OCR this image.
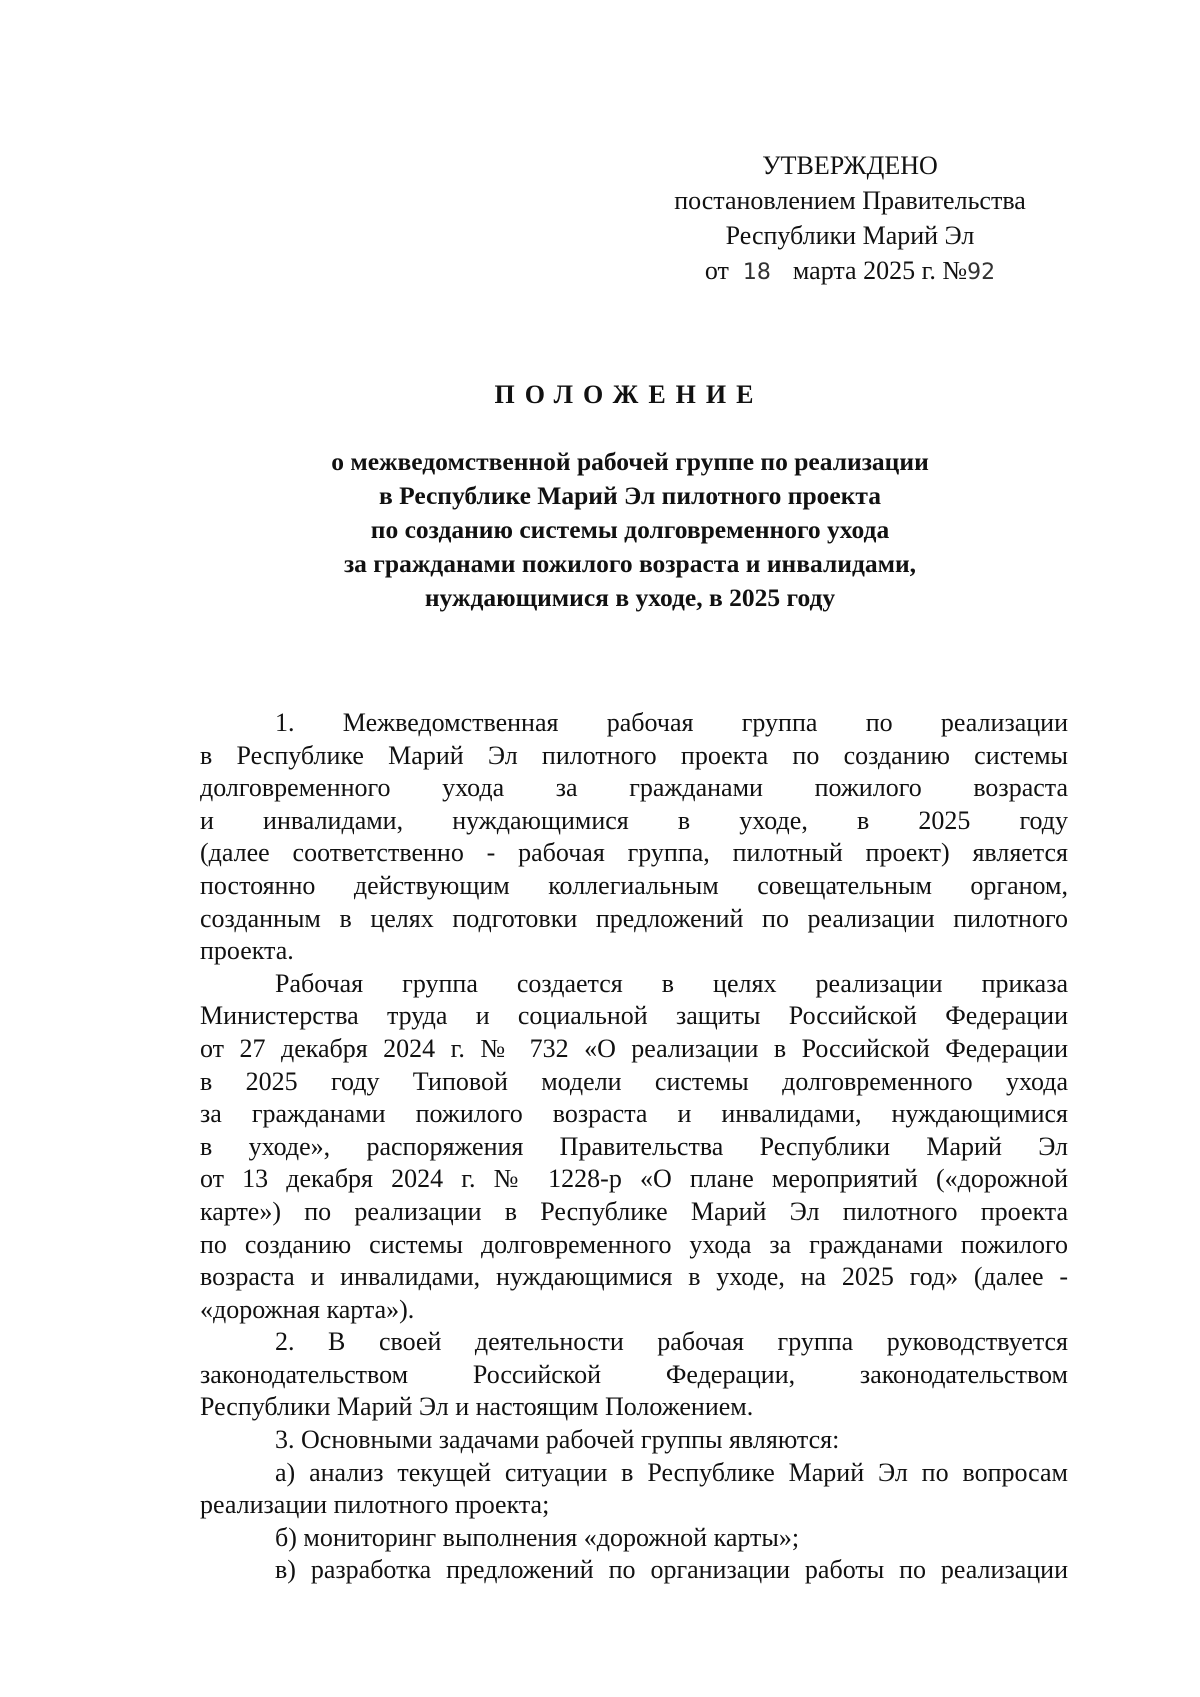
УТВЕРЖДЕНО
постановлением Правительства
Республики Марий Эл
от 18 марта 2025 г. №92
ПОЛОЖЕНИЕ
о межведомственной рабочей группе по реализации
в Республике Марий Эл пилотного проекта
по созданию системы долговременного ухода
за гражданами пожилого возраста и инвалидами,
нуждающимися в уходе, в 2025 году
1. Межведомственная рабочая группа по реализации
в Республике Марий Эл пилотного проекта по созданию системы
долговременного ухода за гражданами пожилого возраста
и инвалидами, нуждающимися в уходе, в 2025 году
(далее соответственно - рабочая группа, пилотный проект) является
постоянно действующим коллегиальным совещательным органом,
созданным в целях подготовки предложений по реализации пилотного
проекта.
Рабочая группа создается в целях реализации приказа
Министерства труда и социальной защиты Российской Федерации
от 27 декабря 2024 г. № 732 «О реализации в Российской Федерации
в 2025 году Типовой модели системы долговременного ухода
за гражданами пожилого возраста и инвалидами, нуждающимися
в уходе», распоряжения Правительства Республики Марий Эл
от 13 декабря 2024 г. № 1228-р «О плане мероприятий («дорожной
карте») по реализации в Республике Марий Эл пилотного проекта
по созданию системы долговременного ухода за гражданами пожилого
возраста и инвалидами, нуждающимися в уходе, на 2025 год» (далее -
«дорожная карта»).
2. В своей деятельности рабочая группа руководствуется
законодательством Российской Федерации, законодательством
Республики Марий Эл и настоящим Положением.
3. Основными задачами рабочей группы являются:
а) анализ текущей ситуации в Республике Марий Эл по вопросам
реализации пилотного проекта;
б) мониторинг выполнения «дорожной карты»;
в) разработка предложений по организации работы по реализации
